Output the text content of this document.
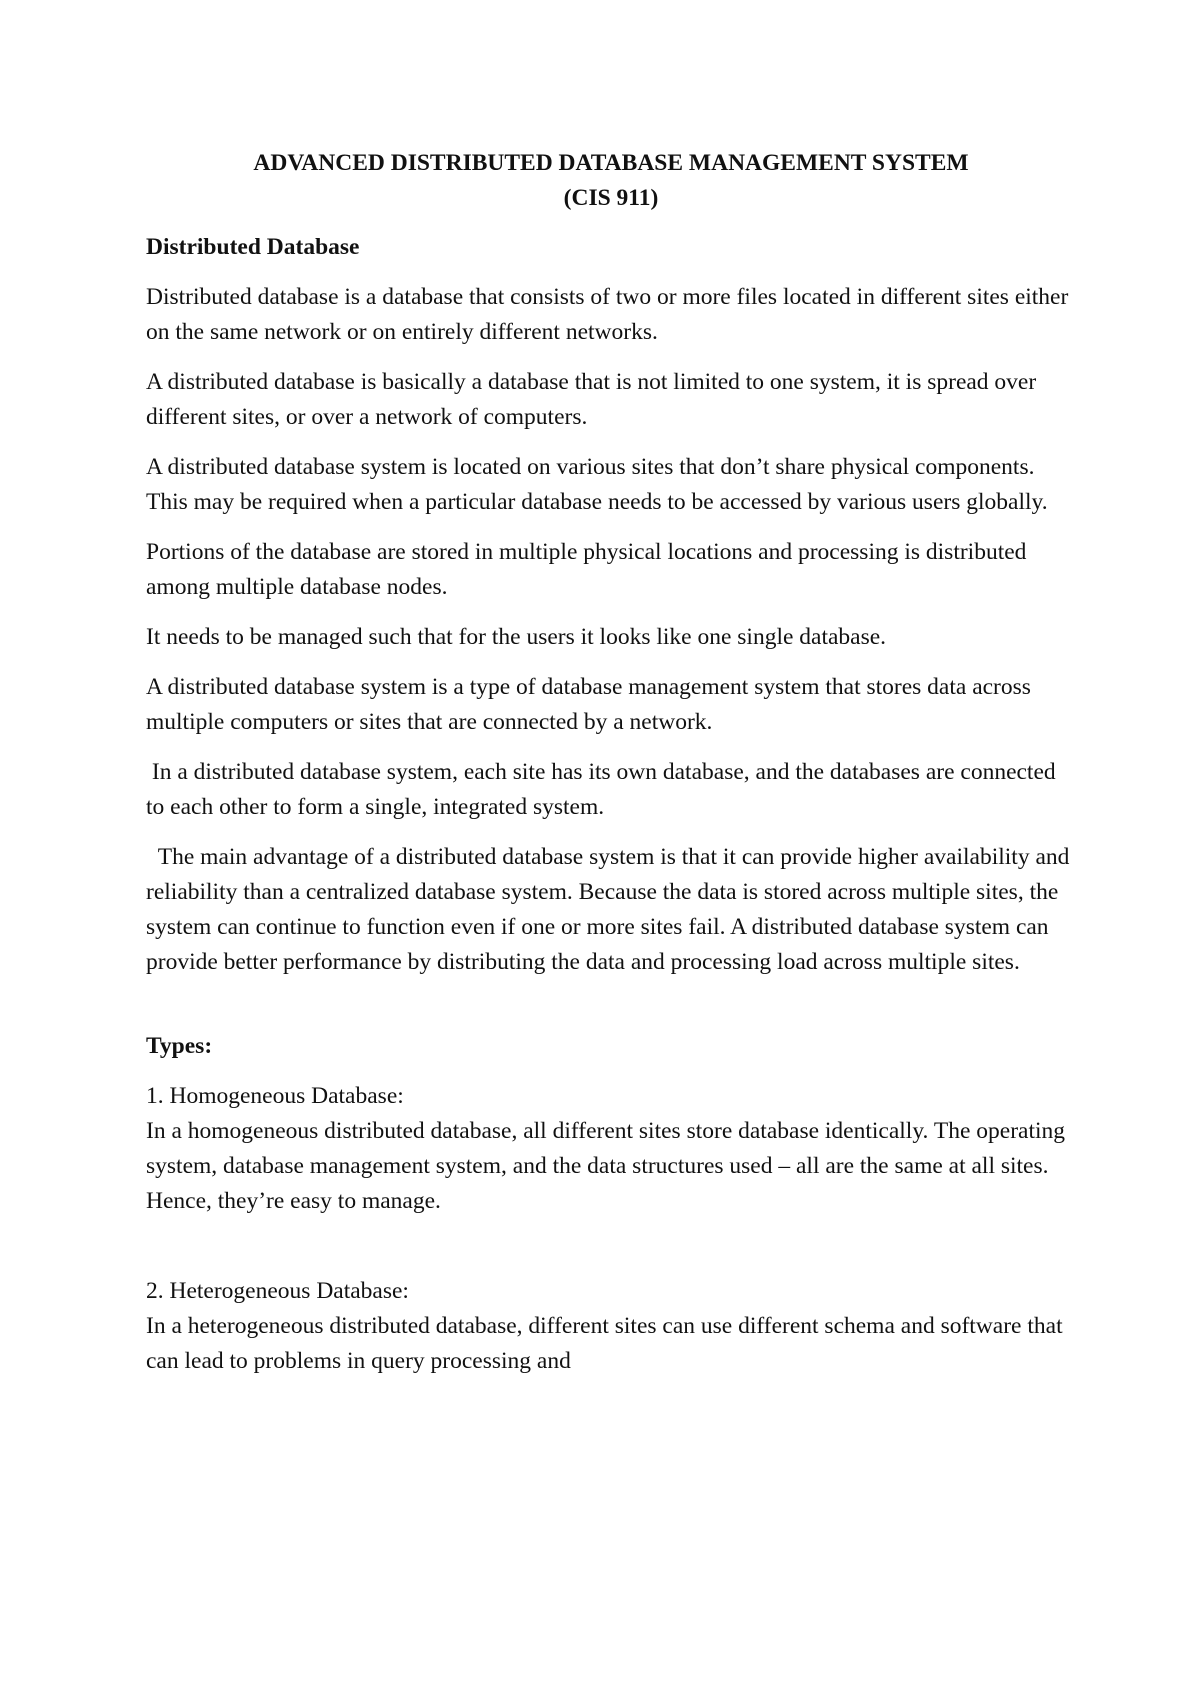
ADVANCED DISTRIBUTED DATABASE MANAGEMENT SYSTEM
(CIS 911)
Distributed Database
Distributed database is a database that consists of two or more files located in different sites either on the same network or on entirely different networks.
A distributed database is basically a database that is not limited to one system, it is spread over different sites, or over a network of computers.
A distributed database system is located on various sites that don’t share physical components. This may be required when a particular database needs to be accessed by various users globally.
Portions of the database are stored in multiple physical locations and processing is distributed among multiple database nodes.
It needs to be managed such that for the users it looks like one single database.
A distributed database system is a type of database management system that stores data across multiple computers or sites that are connected by a network.
In a distributed database system, each site has its own database, and the databases are connected to each other to form a single, integrated system.
The main advantage of a distributed database system is that it can provide higher availability and reliability than a centralized database system. Because the data is stored across multiple sites, the system can continue to function even if one or more sites fail. A distributed database system can provide better performance by distributing the data and processing load across multiple sites.
Types:
1. Homogeneous Database:
In a homogeneous distributed database, all different sites store database identically. The operating system, database management system, and the data structures used – all are the same at all sites. Hence, they’re easy to manage.
2. Heterogeneous Database:
In a heterogeneous distributed database, different sites can use different schema and software that can lead to problems in query processing and
